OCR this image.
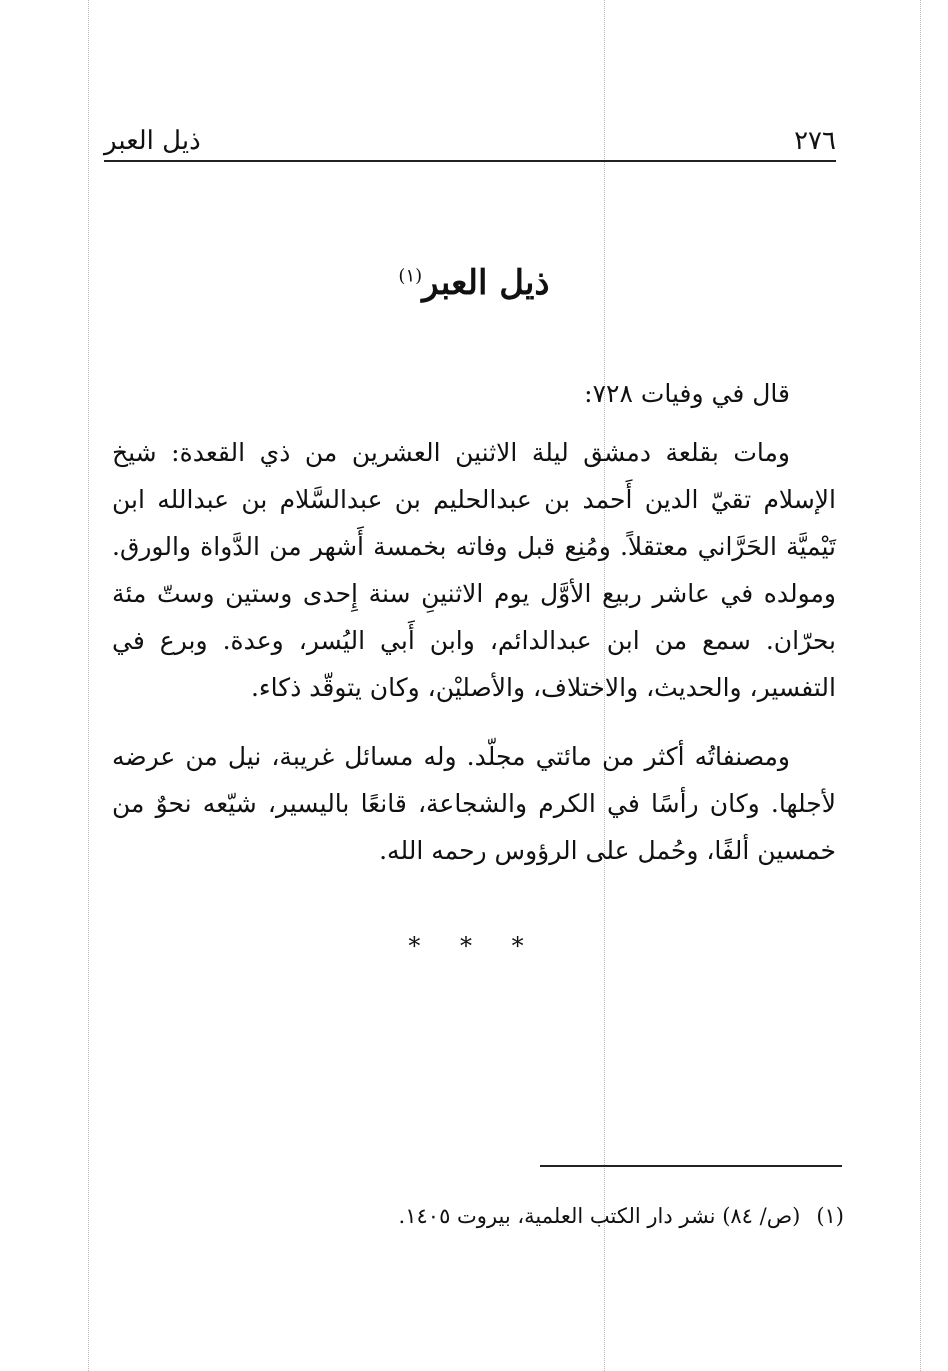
٢٧٦
ذيل العبر
ذيل العبر$^{(١)}$

قال في وفيات ٧٢٨:

ومات بقلعة دمشق ليلة الاثنين العشرين من ذي القعدة: شيخ الإسلام تقيّ الدين أَحمد بن عبدالحليم بن عبدالسَّلام بن عبدالله ابن تَيْميَّة الحَرَّاني معتقلاً. ومُنِع قبل وفاته بخمسة أَشهر من الدَّواة والورق. ومولده في عاشر ربيع الأوَّل يوم الاثنينِ سنة إِحدى وستين وستّ مئة بحرّان. سمع من ابن عبدالدائم، وابن أَبي اليُسر، وعدة. وبرع في التفسير، والحديث، والاختلاف، والأصليْن، وكان يتوقّد ذكاء.

ومصنفاتُه أكثر من مائتي مجلّد. وله مسائل غريبة، نيل من عرضه لأجلها. وكان رأسًا في الكرم والشجاعة، قانعًا باليسير، شيّعه نحوٌ من خمسين ألفًا، وحُمل على الرؤوس رحمه الله.

* * *
(١)(ص/ ٨٤) نشر دار الكتب العلمية، بيروت ١٤٠٥.
